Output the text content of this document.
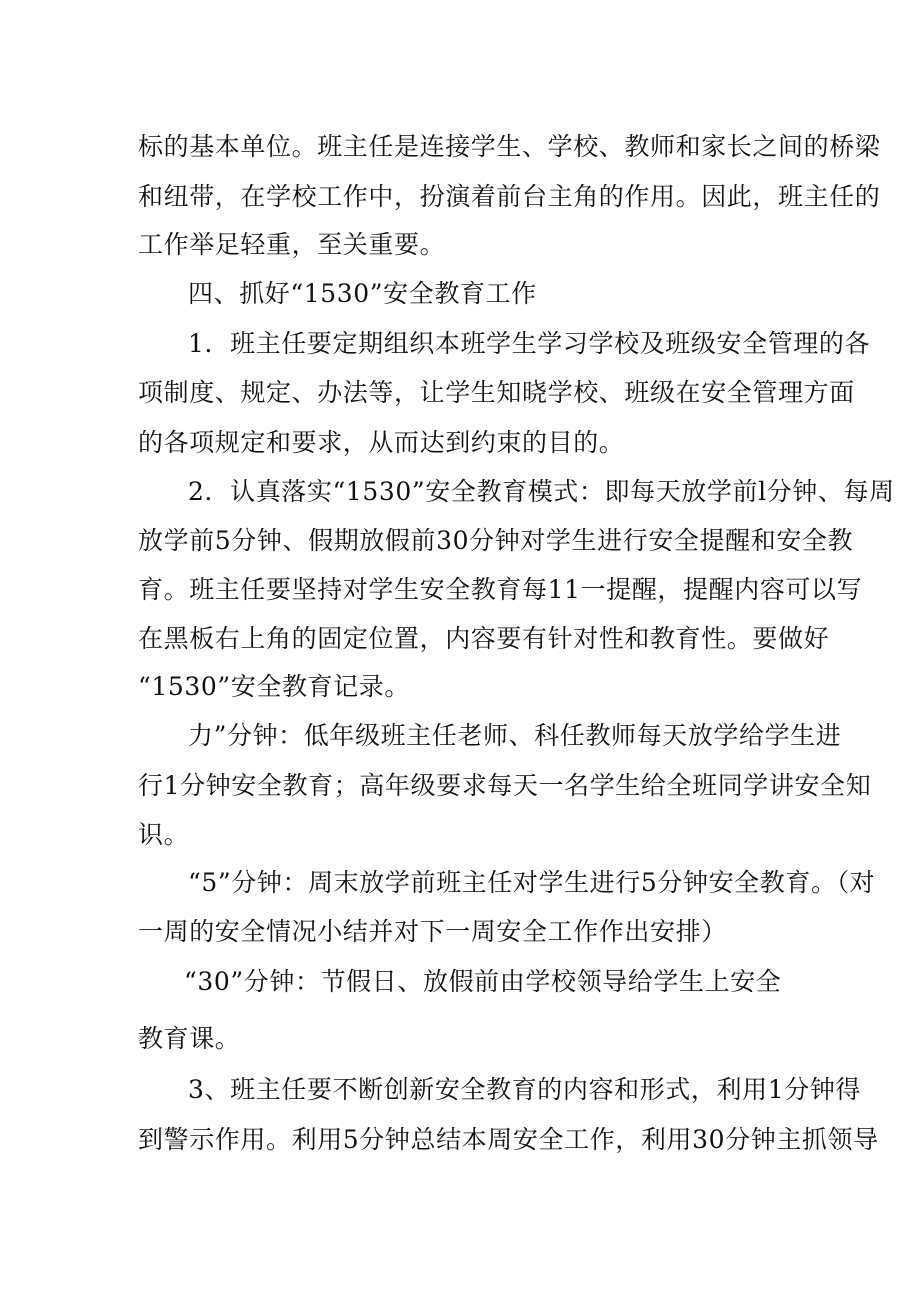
标的基本单位。班主任是连接学生、学校、教师和家长之间的桥梁
和纽带，在学校工作中，扮演着前台主角的作用。因此，班主任的
工作举足轻重，至关重要。
四、抓好“1530”安全教育工作
1．班主任要定期组织本班学生学习学校及班级安全管理的各
项制度、规定、办法等，让学生知晓学校、班级在安全管理方面
的各项规定和要求，从而达到约束的目的。
2．认真落实“1530”安全教育模式：即每天放学前l分钟、每周
放学前5分钟、假期放假前30分钟对学生进行安全提醒和安全教
育。班主任要坚持对学生安全教育每11一提醒，提醒内容可以写
在黑板右上角的固定位置，内容要有针对性和教育性。要做好
“1530”安全教育记录。
力”分钟：低年级班主任老师、科任教师每天放学给学生进
行1分钟安全教育；高年级要求每天一名学生给全班同学讲安全知
识。
“5”分钟：周末放学前班主任对学生进行5分钟安全教育。（对
一周的安全情况小结并对下一周安全工作作出安排）
“30”分钟：节假日、放假前由学校领导给学生上安全
教育课。
3、班主任要不断创新安全教育的内容和形式，利用1分钟得
到警示作用。利用5分钟总结本周安全工作，利用30分钟主抓领导
